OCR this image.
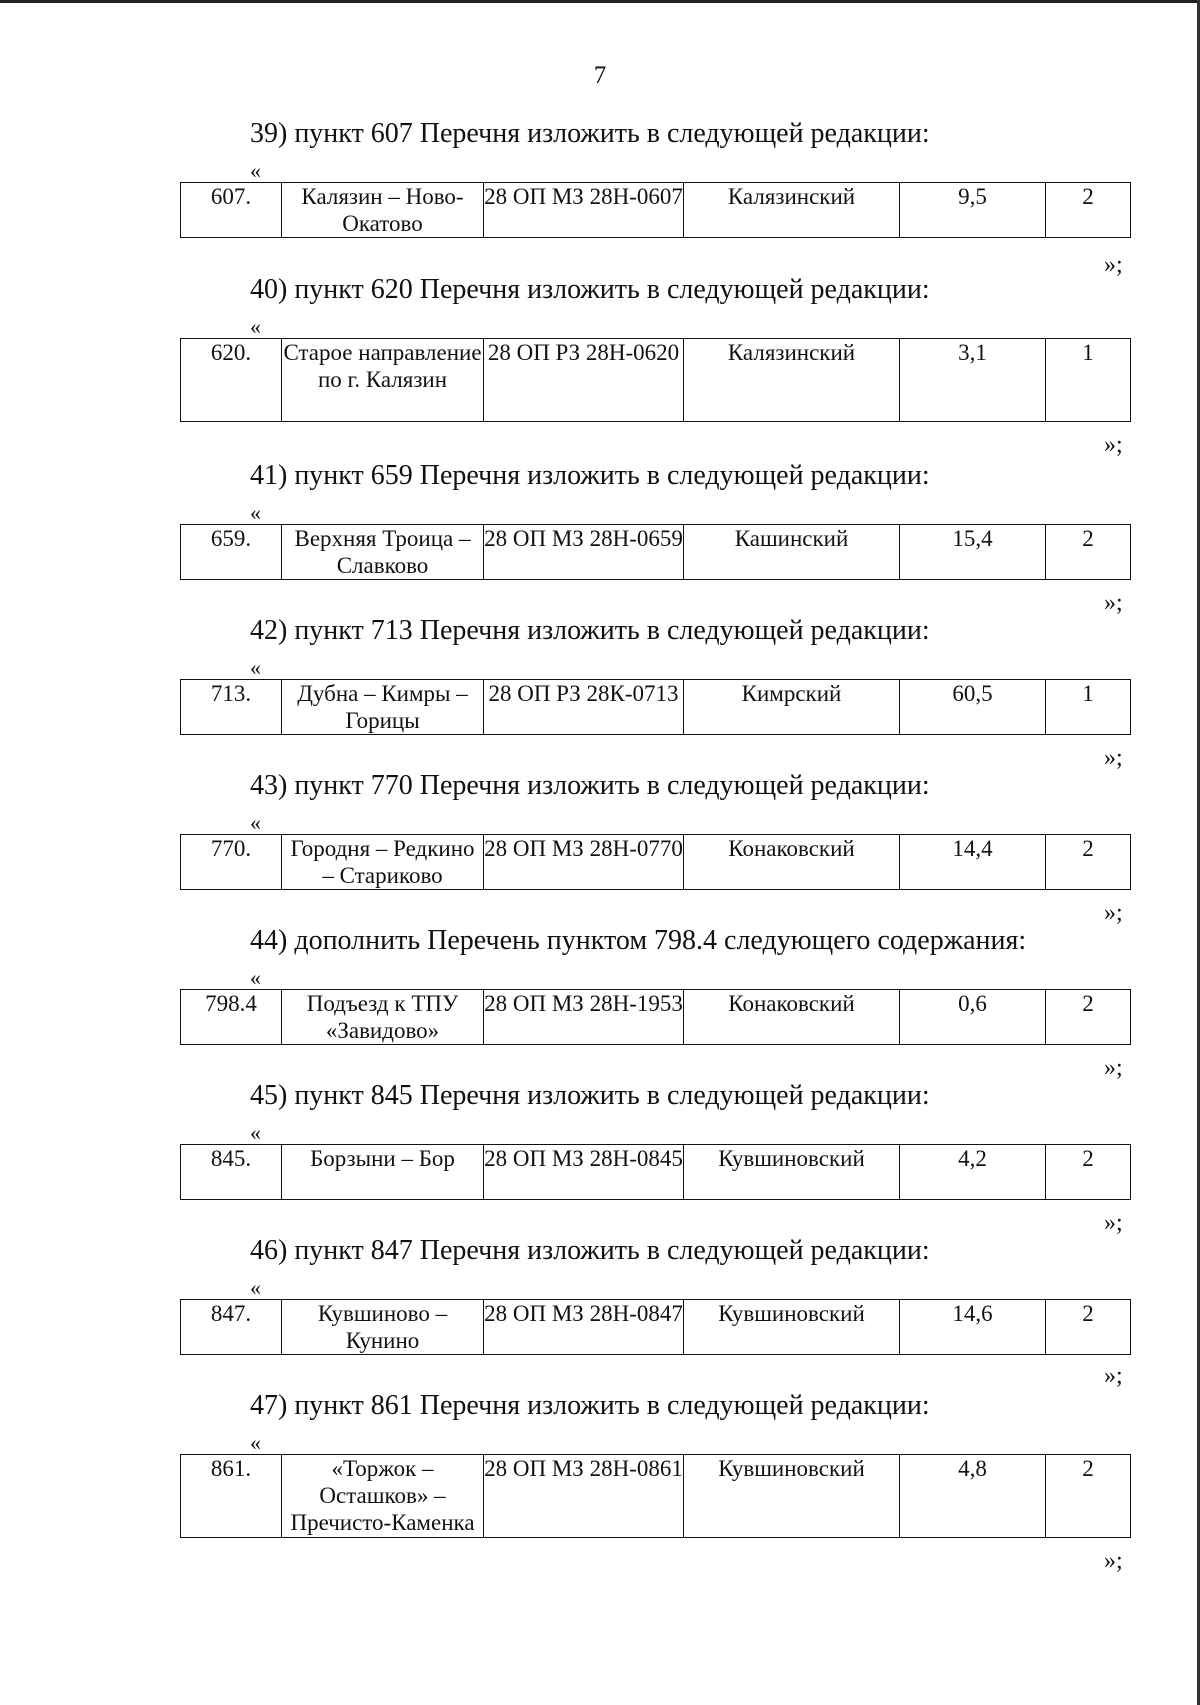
7
39) пункт 607 Перечня изложить в следующей редакции:
«
607.	Калязин – Ново-Окатово	28 ОП МЗ 28Н-0607	Калязинский	9,5	2
»;
40) пункт 620 Перечня изложить в следующей редакции:
«
620.	Старое направление по г. Калязин	28 ОП РЗ 28Н-0620	Калязинский	3,1	1
»;
41) пункт 659 Перечня изложить в следующей редакции:
«
659.	Верхняя Троица – Славково	28 ОП МЗ 28Н-0659	Кашинский	15,4	2
»;
42) пункт 713 Перечня изложить в следующей редакции:
«
713.	Дубна – Кимры – Горицы	28 ОП РЗ 28К-0713	Кимрский	60,5	1
»;
43) пункт 770 Перечня изложить в следующей редакции:
«
770.	Городня – Редкино – Стариково	28 ОП МЗ 28Н-0770	Конаковский	14,4	2
»;
44) дополнить Перечень пунктом 798.4 следующего содержания:
«
798.4	Подъезд к ТПУ «Завидово»	28 ОП МЗ 28Н-1953	Конаковский	0,6	2
»;
45) пункт 845 Перечня изложить в следующей редакции:
«
845.	Борзыни – Бор	28 ОП МЗ 28Н-0845	Кувшиновский	4,2	2
»;
46) пункт 847 Перечня изложить в следующей редакции:
«
847.	Кувшиново – Кунино	28 ОП МЗ 28Н-0847	Кувшиновский	14,6	2
»;
47) пункт 861 Перечня изложить в следующей редакции:
«
861.	«Торжок – Осташков» – Пречисто-Каменка	28 ОП МЗ 28Н-0861	Кувшиновский	4,8	2
»;
